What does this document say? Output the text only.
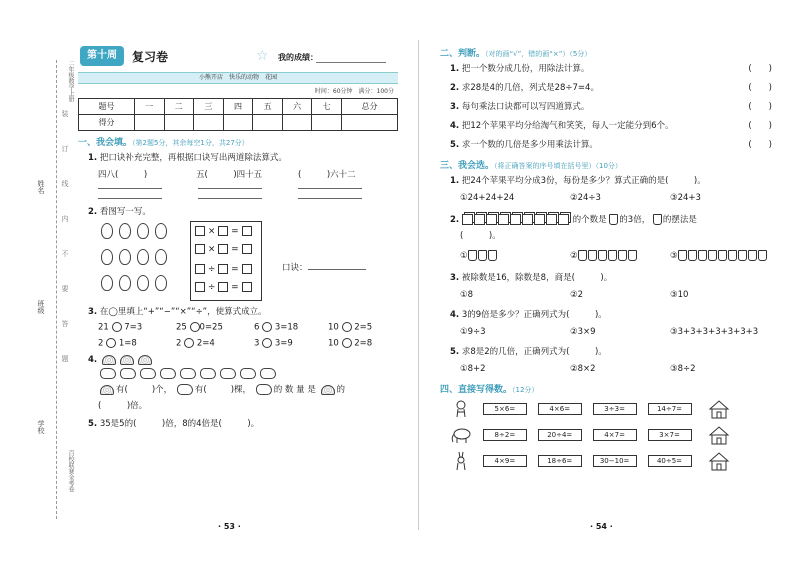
姓名
班级
学校
装订线内不要答题
二年级数学上册
百校联赛金考卷
第十周	复习卷	☆ 我的成绩：
小熊开店　快乐的动物　花园
时间：60分钟　满分：100分
题号	一	二	三	四	五	六	七	总分
得分								
一、我会填。（第2题5分，其余每空1分，共27分）
1. 把口诀补充完整，再根据口诀写出两道除法算式。
四八(　　　)	五(　　　)四十五	(　　　)六十二
2. 看图写一写。
× =
× =
÷ =
÷ =
口诀：
3. 在◯里填上“+”“−”“×”“÷”，使算式成立。
21 7=3	25 0=25	6 3=18	10 2=5
2 1=8	2 2=4	3 3=9	10 2=8
4.
有(	)个，	有(	)棵，	的 数 量 是 的
(　　　)倍。
5. 35是5的(　　　)倍，8的4倍是(　　　)。
· 53 ·
二、判断。（对的画“√”，错的画“×”）（5分）
1. 把一个数分成几份，用除法计算。	(　　)
2. 求28是4的几倍，列式是28÷7=4。	(　　)
3. 每句乘法口诀都可以写四道算式。	(　　)
4. 把12个苹果平均分给淘气和笑笑，每人一定能分到6个。	(　　)
5. 求一个数的几倍是多少用乘法计算。	(　　)
三、我会选。（将正确答案的序号填在括号里）（10分）
1. 把24个苹果平均分成3份，每份是多少？算式正确的是(　　　)。
①24+24+24	②24÷3	③24+3
2.	的个数是 的3倍， 的摆法是
(　　　)。
①	②	③
3. 被除数是16，除数是8，商是(　　　)。
①8	②2	③10
4. 3的9倍是多少？正确列式为(　　　)。
①9÷3	②3×9	③3+3+3+3+3+3+3
5. 求8是2的几倍，正确列式为(　　　)。
①8+2	②8×2	③8÷2
四、直接写得数。（12分）
5×6=	4×6=	3÷3=	14÷7=
8÷2=	20÷4=	4×7=	3×7=
4×9=	18÷6=	30−10=	40÷5=
· 54 ·
